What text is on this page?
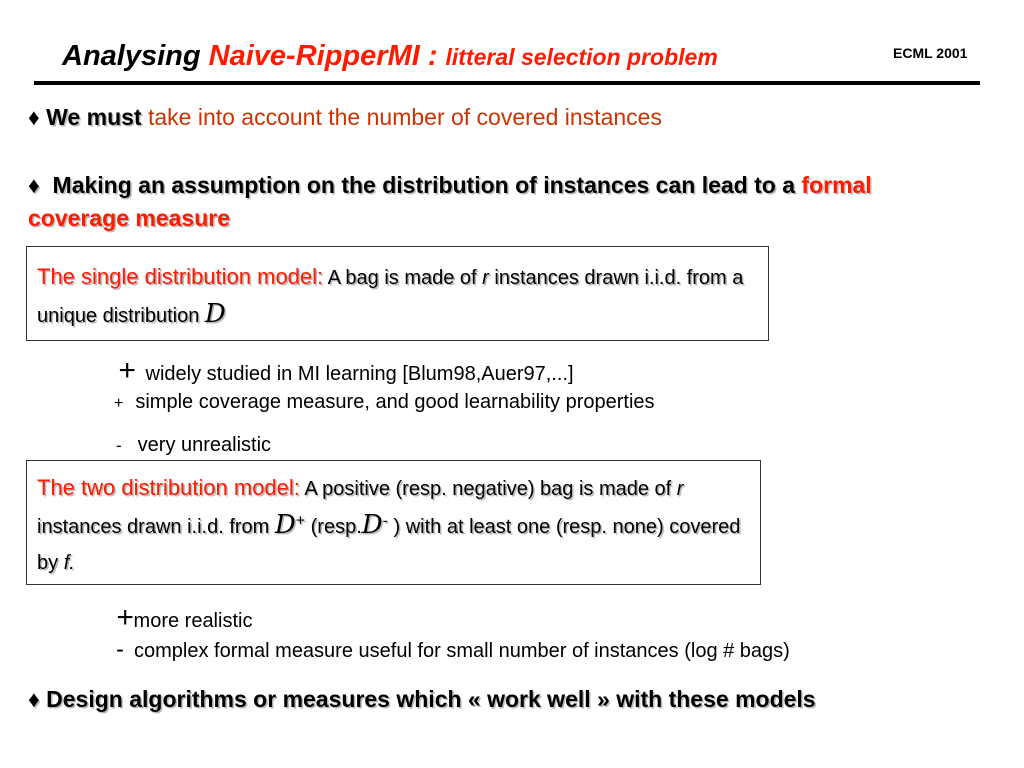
Analysing Naive-RipperMI : litteral selection problem	ECML 2001
♦ We must take into account the number of covered instances
♦ Making an assumption on the distribution of instances can lead to a formal coverage measure
The single distribution model: A bag is made of r instances drawn i.i.d. from a unique distribution D
+ widely studied in MI learning [Blum98,Auer97,...]
+ simple coverage measure, and good learnability properties
- very unrealistic
The two distribution model: A positive (resp. negative) bag is made of r instances drawn i.i.d. from D+ (resp.D- ) with at least one (resp. none) covered by f.
+more realistic
- complex formal measure useful for small number of instances (log # bags)
♦ Design algorithms or measures which « work well » with these models
